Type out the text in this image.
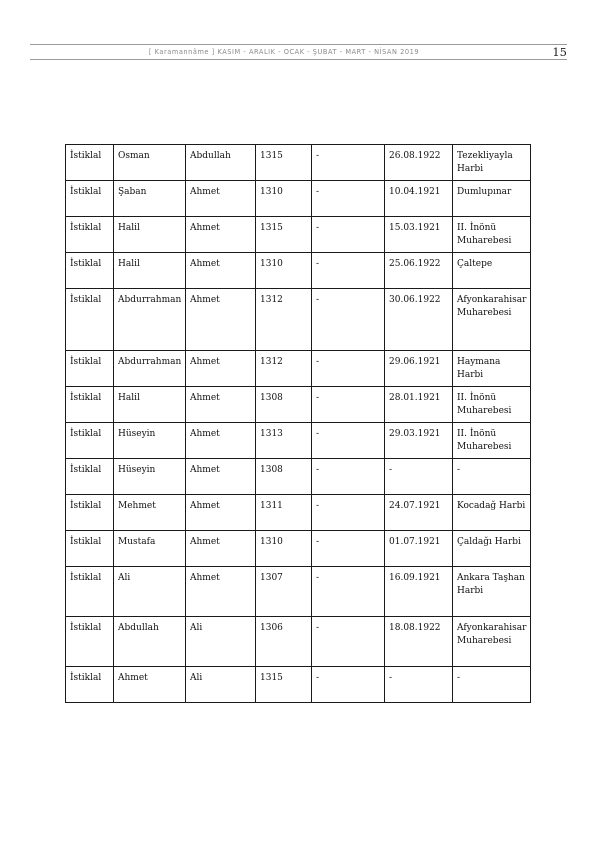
[ Karamannâme ] KASIM - ARALIK - OCAK - ŞUBAT - MART - NİSAN 2019	15
İstiklal	Osman	Abdullah	1315	-	26.08.1922	Tezekliyayla Harbi
İstiklal	Şaban	Ahmet	1310	-	10.04.1921	Dumlupınar
İstiklal	Halil	Ahmet	1315	-	15.03.1921	II. İnönü Muharebesi
İstiklal	Halil	Ahmet	1310	-	25.06.1922	Çaltepe
İstiklal	Abdurrahman	Ahmet	1312	-	30.06.1922	Afyonkarahisar Muharebesi
İstiklal	Abdurrahman	Ahmet	1312	-	29.06.1921	Haymana Harbi
İstiklal	Halil	Ahmet	1308	-	28.01.1921	II. İnönü Muharebesi
İstiklal	Hüseyin	Ahmet	1313	-	29.03.1921	II. İnönü Muharebesi
İstiklal	Hüseyin	Ahmet	1308	-	-	-
İstiklal	Mehmet	Ahmet	1311	-	24.07.1921	Kocadağ Harbi
İstiklal	Mustafa	Ahmet	1310	-	01.07.1921	Çaldağı Harbi
İstiklal	Ali	Ahmet	1307	-	16.09.1921	Ankara Taşhan Harbi
İstiklal	Abdullah	Ali	1306	-	18.08.1922	Afyonkarahisar Muharebesi
İstiklal	Ahmet	Ali	1315	-	-	-
